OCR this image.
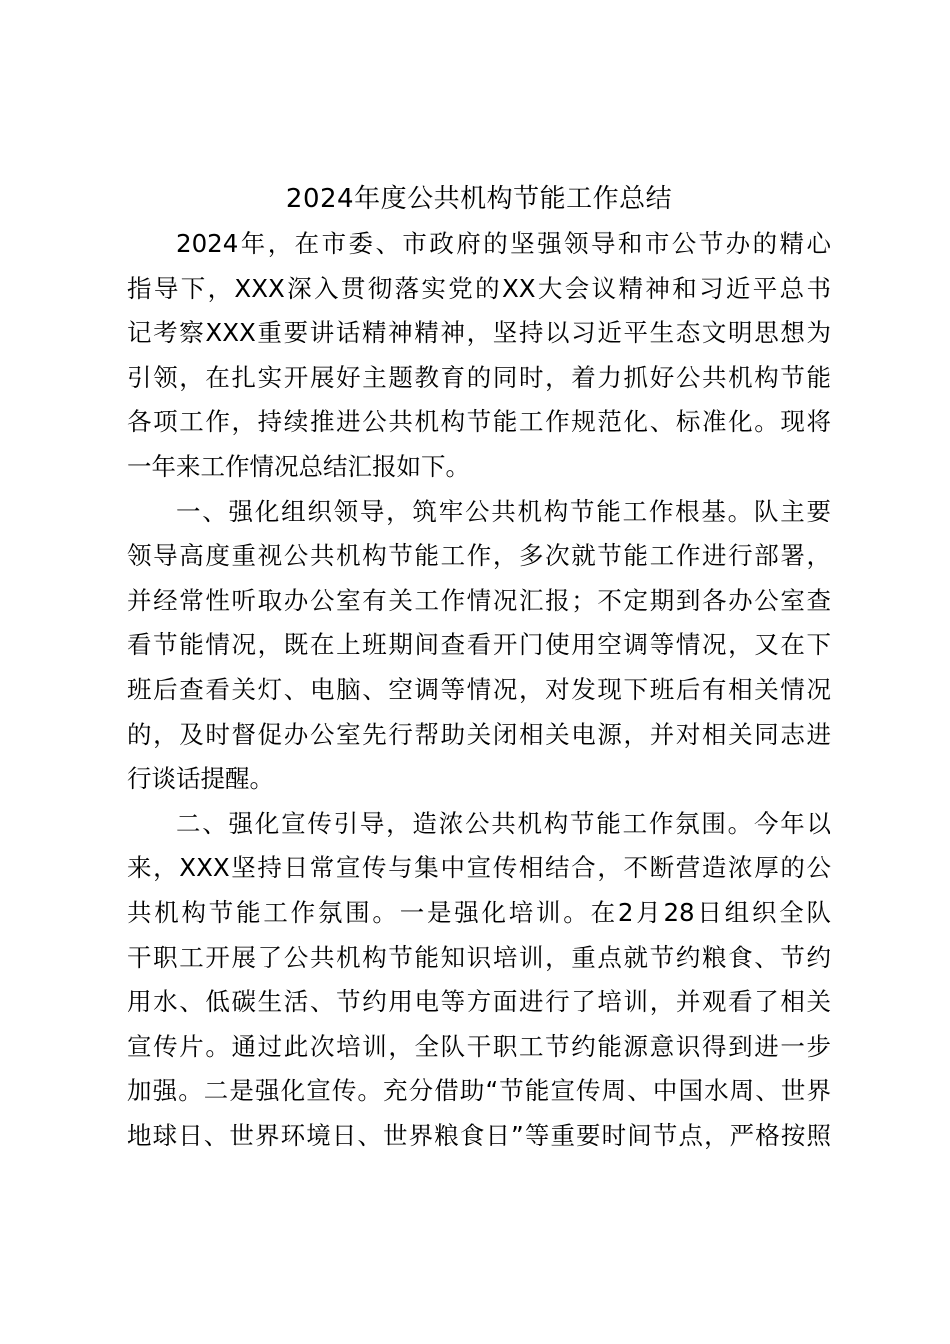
2024年度公共机构节能工作总结

2024年，在市委、市政府的坚强领导和市公节办的精心
指导下，XXX深入贯彻落实党的XX大会议精神和习近平总书
记考察XXX重要讲话精神精神，坚持以习近平生态文明思想为
引领，在扎实开展好主题教育的同时，着力抓好公共机构节能
各项工作，持续推进公共机构节能工作规范化、标准化。现将
一年来工作情况总结汇报如下。

一、强化组织领导，筑牢公共机构节能工作根基。队主要
领导高度重视公共机构节能工作，多次就节能工作进行部署，
并经常性听取办公室有关工作情况汇报；不定期到各办公室查
看节能情况，既在上班期间查看开门使用空调等情况，又在下
班后查看关灯、电脑、空调等情况，对发现下班后有相关情况
的，及时督促办公室先行帮助关闭相关电源，并对相关同志进
行谈话提醒。

二、强化宣传引导，造浓公共机构节能工作氛围。今年以
来，XXX坚持日常宣传与集中宣传相结合，不断营造浓厚的公
共机构节能工作氛围。一是强化培训。在2月28日组织全队
干职工开展了公共机构节能知识培训，重点就节约粮食、节约
用水、低碳生活、节约用电等方面进行了培训，并观看了相关
宣传片。通过此次培训，全队干职工节约能源意识得到进一步
加强。二是强化宣传。充分借助“节能宣传周、中国水周、世界
地球日、世界环境日、世界粮食日”等重要时间节点，严格按照
